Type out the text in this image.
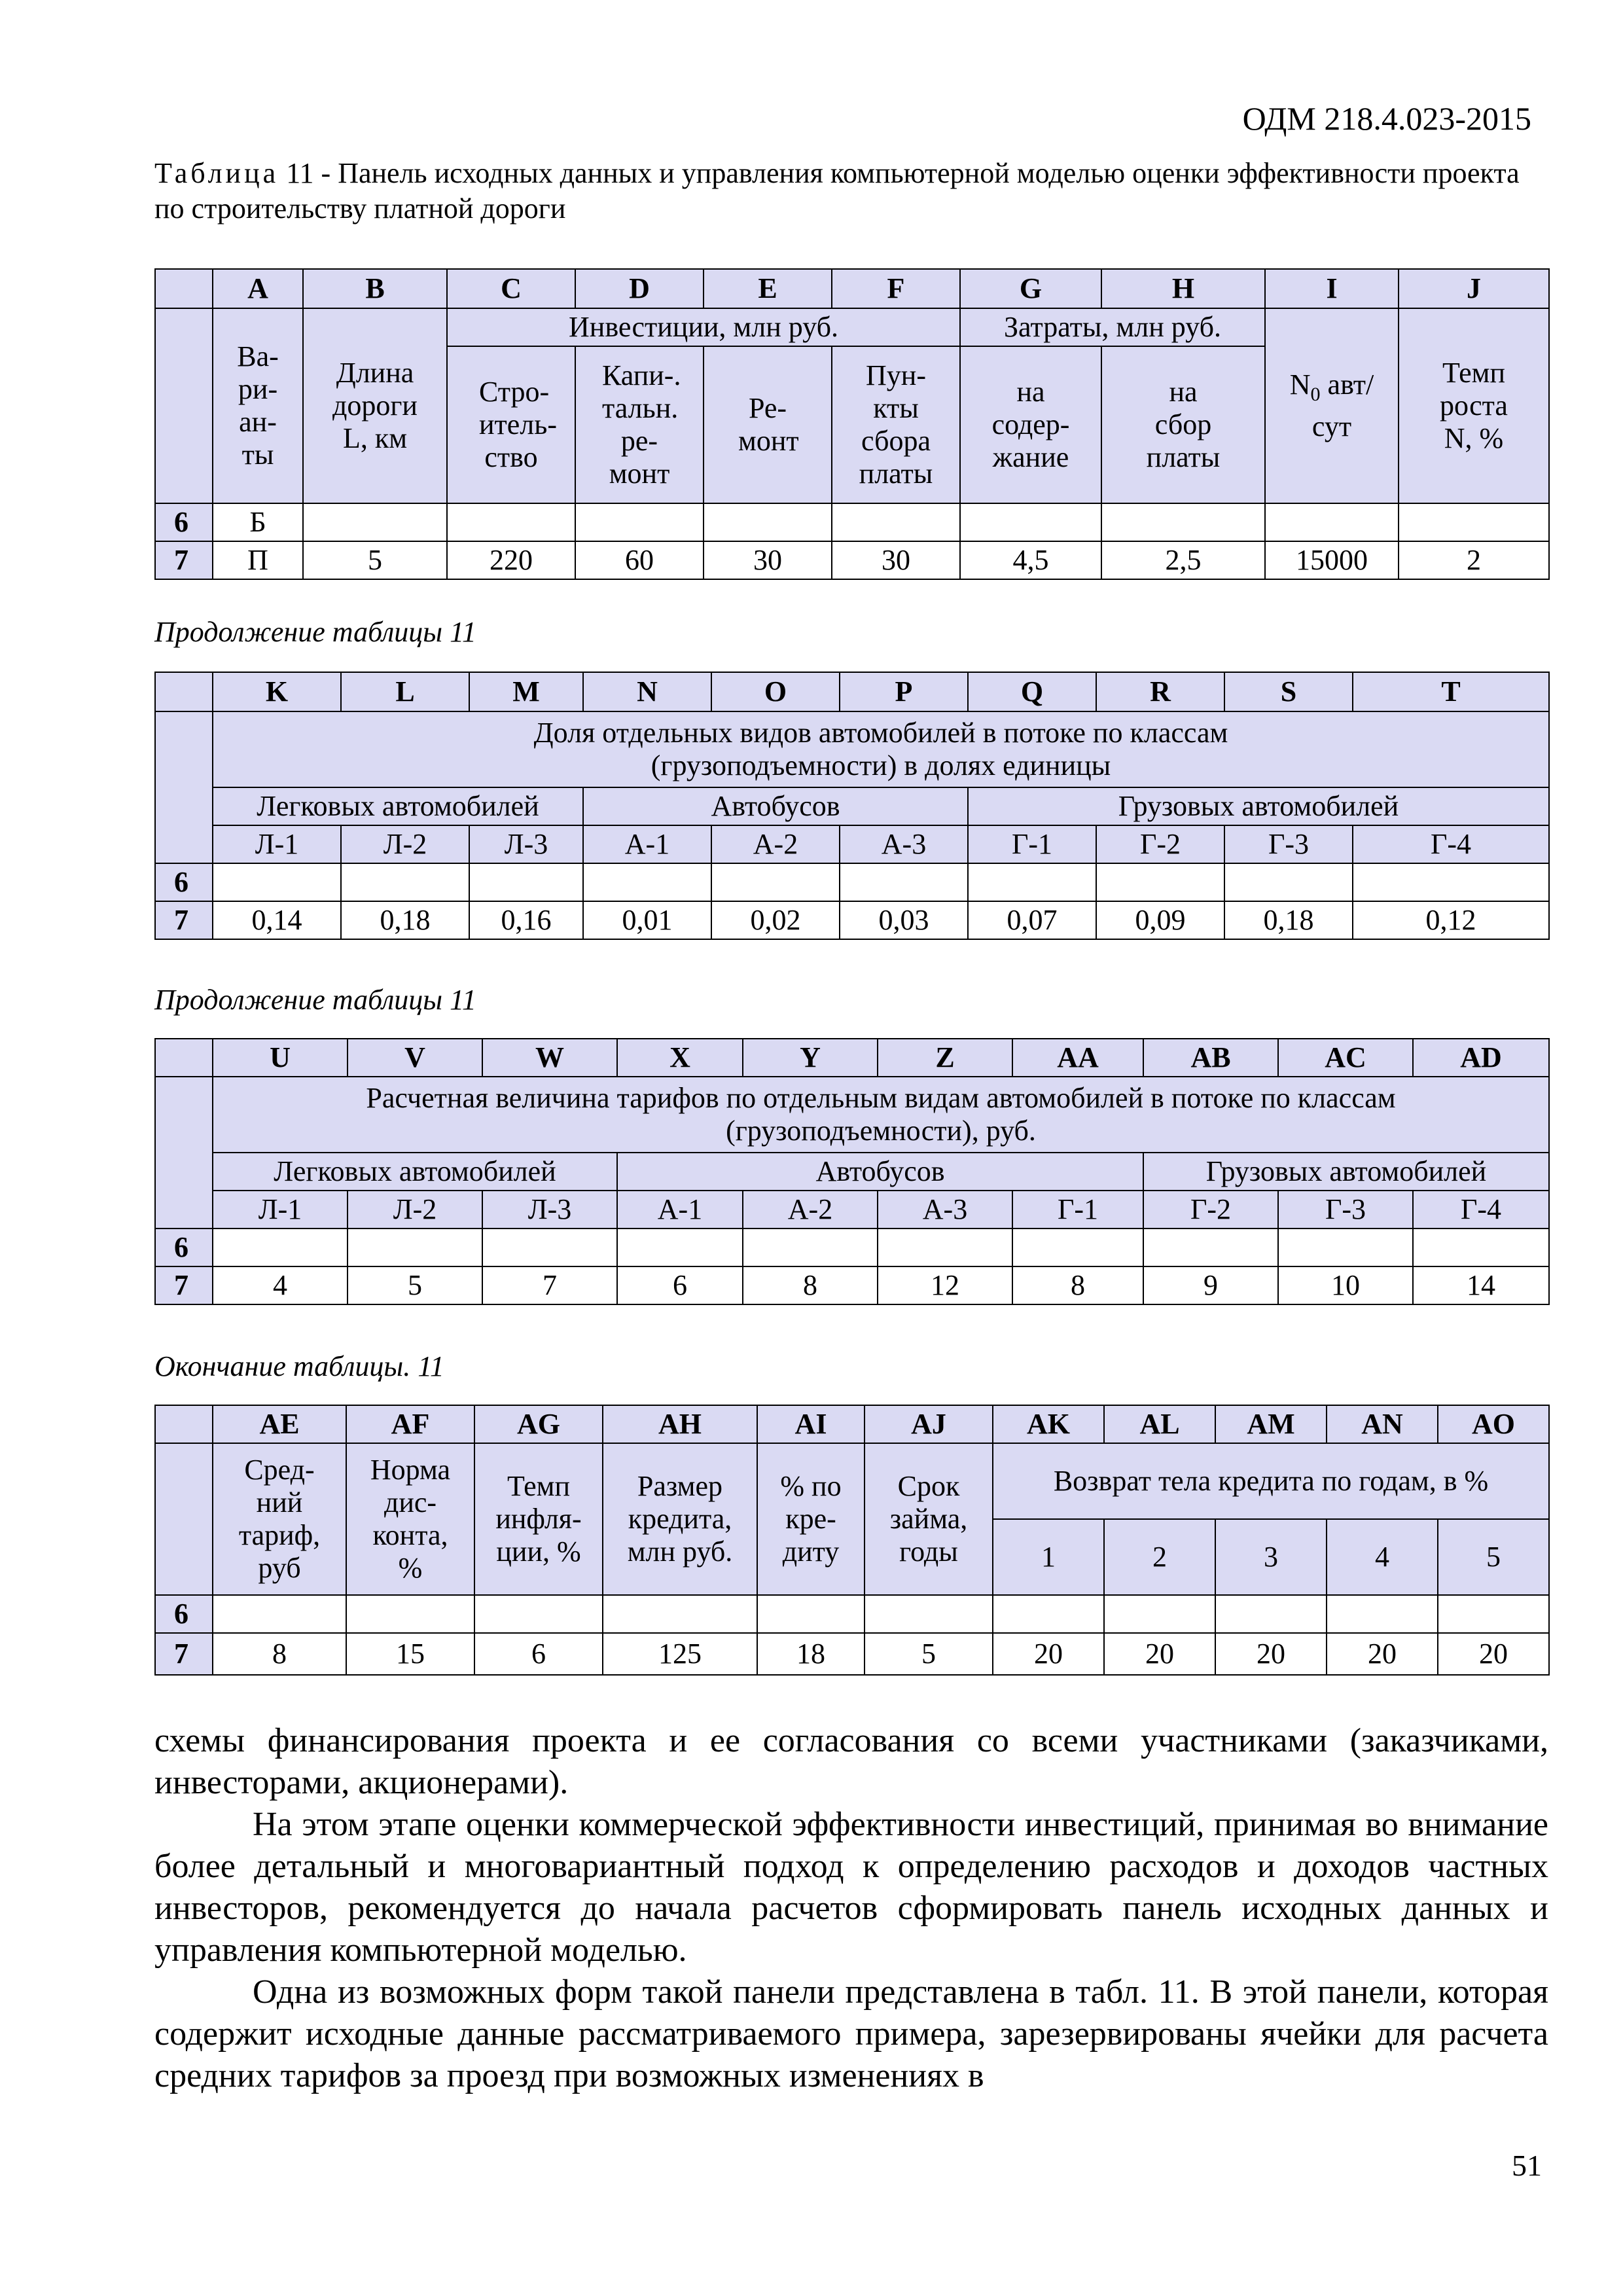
ОДМ 218.4.023-2015
Таблица 11 - Панель исходных данных и управления компьютерной моделью оценки эффективности проекта по строительству платной дороги
	A	B	C	D	E	F	G	H	I	J
	Ва-ри-ан-ты	Длина дороги L, км	Инвестиции, млн руб.				Затраты, млн руб.		$N_0$ авт/сут	Темп роста N, %
			Стро-итель-ство	Капи-. тальн. ре-монт	Ре-монт	Пун-кты сбора платы	на содер-жание	на сбор платы		
6	Б									
7	П	5	220	60	30	30	4,5	2,5	15000	2
Продолжение таблицы 11
	K	L	M	N	O	P	Q	R	S	T
	Доля отдельных видов автомобилей в потоке по классам (грузоподъемности) в долях единицы									
	Легковых автомобилей			Автобусов			Грузовых автомобилей			
	Л-1	Л-2	Л-3	А-1	А-2	А-3	Г-1	Г-2	Г-3	Г-4
6										
7	0,14	0,18	0,16	0,01	0,02	0,03	0,07	0,09	0,18	0,12
Продолжение таблицы 11
	U	V	W	X	Y	Z	AA	AB	AC	AD
	Расчетная величина тарифов по отдельным видам автомобилей в потоке по классам (грузоподъемности), руб.									
	Легковых автомобилей			Автобусов				Грузовых автомобилей		
	Л-1	Л-2	Л-3	А-1	А-2	А-3	Г-1	Г-2	Г-3	Г-4
6										
7	4	5	7	6	8	12	8	9	10	14
Окончание таблицы. 11
	AE	AF	AG	AH	AI	AJ	AK	AL	AM	AN	AO
	Сред-ний тариф, руб	Норма дис-конта, %	Темп инфля-ции, %	Размер кредита, млн руб.	% по кре-диту	Срок займа, годы	Возврат тела кредита по годам, в %				
							1	2	3	4	5
6											
7	8	15	6	125	18	5	20	20	20	20	20

схемы финансирования проекта и ее согласования со всеми участниками (заказчиками, инвесторами, акционерами).

На этом этапе оценки коммерческой эффективности инвестиций, принимая во внимание более детальный и многовариантный подход к определению расходов и доходов частных инвесторов, рекомендуется до начала расчетов сформировать панель исходных данных и управления компьютерной моделью.

Одна из возможных форм такой панели представлена в табл. 11. В этой панели, которая содержит исходные данные рассматриваемого примера, зарезервированы ячейки для расчета средних тарифов за проезд при возможных изменениях в

51
